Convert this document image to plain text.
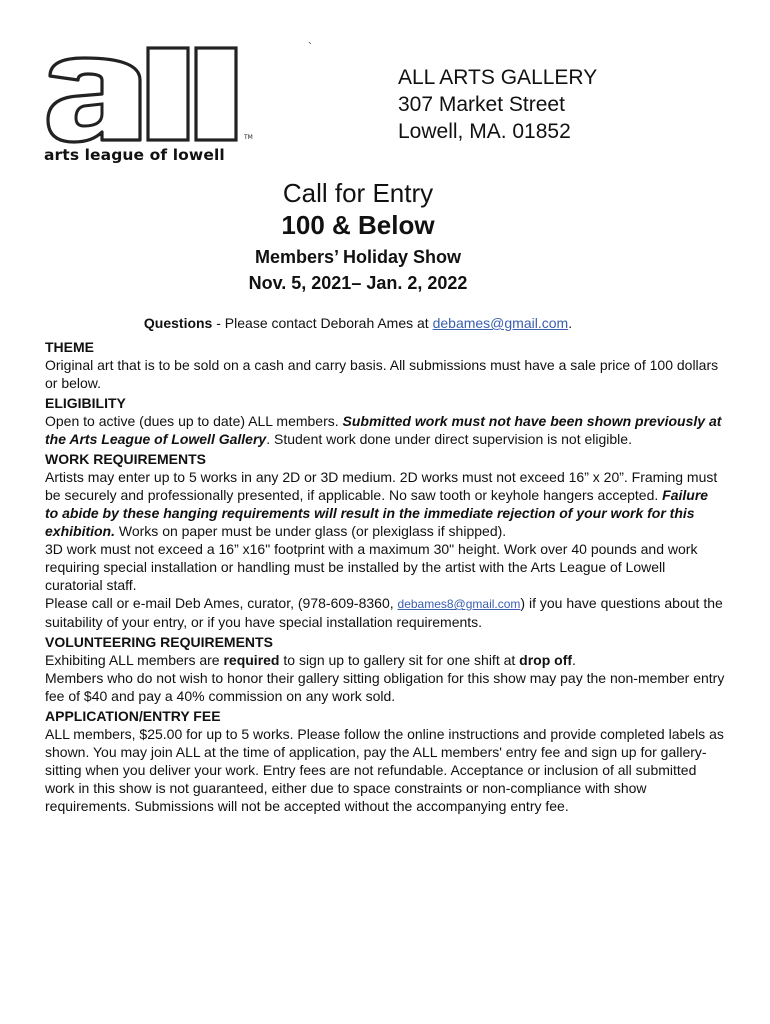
`
TM
arts league of lowell
ALL ARTS GALLERY
307 Market Street
Lowell, MA. 01852
Call for Entry
100 & Below
Members’ Holiday Show
Nov. 5, 2021– Jan. 2, 2022
Questions - Please contact Deborah Ames at debames@gmail.com.
THEME

Original art that is to be sold on a cash and carry basis. All submissions must have a sale price of 100 dollars or below.

ELIGIBILITY

Open to active (dues up to date) ALL members. Submitted work must not have been shown previously at the Arts League of Lowell Gallery. Student work done under direct supervision is not eligible.

WORK REQUIREMENTS

Artists may enter up to 5 works in any 2D or 3D medium. 2D works must not exceed 16” x 20”. Framing must be securely and professionally presented, if applicable. No saw tooth or keyhole hangers accepted. Failure to abide by these hanging requirements will result in the immediate rejection of your work for this exhibition. Works on paper must be under glass (or plexiglass if shipped).

3D work must not exceed a 16” x16" footprint with a maximum 30" height. Work over 40 pounds and work requiring special installation or handling must be installed by the artist with the Arts League of Lowell curatorial staff.

Please call or e-mail Deb Ames, curator, (978-609-8360, debames8@gmail.com) if you have questions about the suitability of your entry, or if you have special installation requirements.

VOLUNTEERING REQUIREMENTS

Exhibiting ALL members are required to sign up to gallery sit for one shift at drop off.

Members who do not wish to honor their gallery sitting obligation for this show may pay the non-member entry fee of $40 and pay a 40% commission on any work sold.

APPLICATION/ENTRY FEE

ALL members, $25.00 for up to 5 works. Please follow the online instructions and provide completed labels as shown. You may join ALL at the time of application, pay the ALL members' entry fee and sign up for gallery-sitting when you deliver your work. Entry fees are not refundable. Acceptance or inclusion of all submitted work in this show is not guaranteed, either due to space constraints or non-compliance with show requirements. Submissions will not be accepted without the accompanying entry fee.
